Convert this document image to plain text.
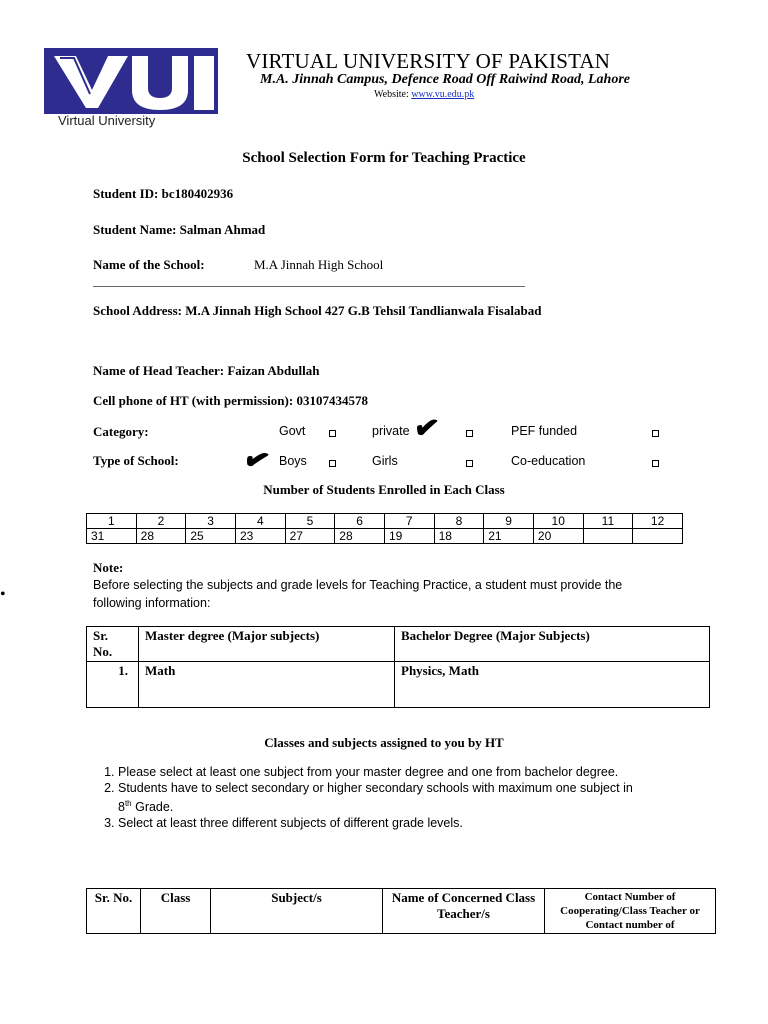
VU
Virtual University
VIRTUAL UNIVERSITY OF PAKISTAN
M.A. Jinnah Campus, Defence Road Off Raiwind Road, Lahore
Website: www.vu.edu.pk
School Selection Form for Teaching Practice
Student ID: bc180402936
Student Name: Salman Ahmad
Name of the School:	M.A Jinnah High School
________________________________________________________________________
School Address: M.A Jinnah High School 427 G.B Tehsil Tandlianwala Fisalabad
Name of Head Teacher: Faizan Abdullah
Cell phone of HT (with permission): 03107434578
Category:	Govt	private ✔	PEF funded
Type of School: ✔ Boys	Girls	Co-education
Number of Students Enrolled in Each Class
1	2	3	4	5	6	7	8	9	10	11	12
31	28	25	23	27	28	19	18	21	20		
•
Note:
Before selecting the subjects and grade levels for Teaching Practice, a student must provide the
following information:
Sr.
No.	Master degree (Major subjects)	Bachelor Degree (Major Subjects)
1.	Math	Physics, Math
Classes and subjects assigned to you by HT
1. Please select at least one subject from your master degree and one from bachelor degree.
2. Students have to select secondary or higher secondary schools with maximum one subject in
8th Grade.
3. Select at least three different subjects of different grade levels.
Sr. No.	Class	Subject/s	Name of Concerned Class Teacher/s	Contact Number of Cooperating/Class Teacher or Contact number of
